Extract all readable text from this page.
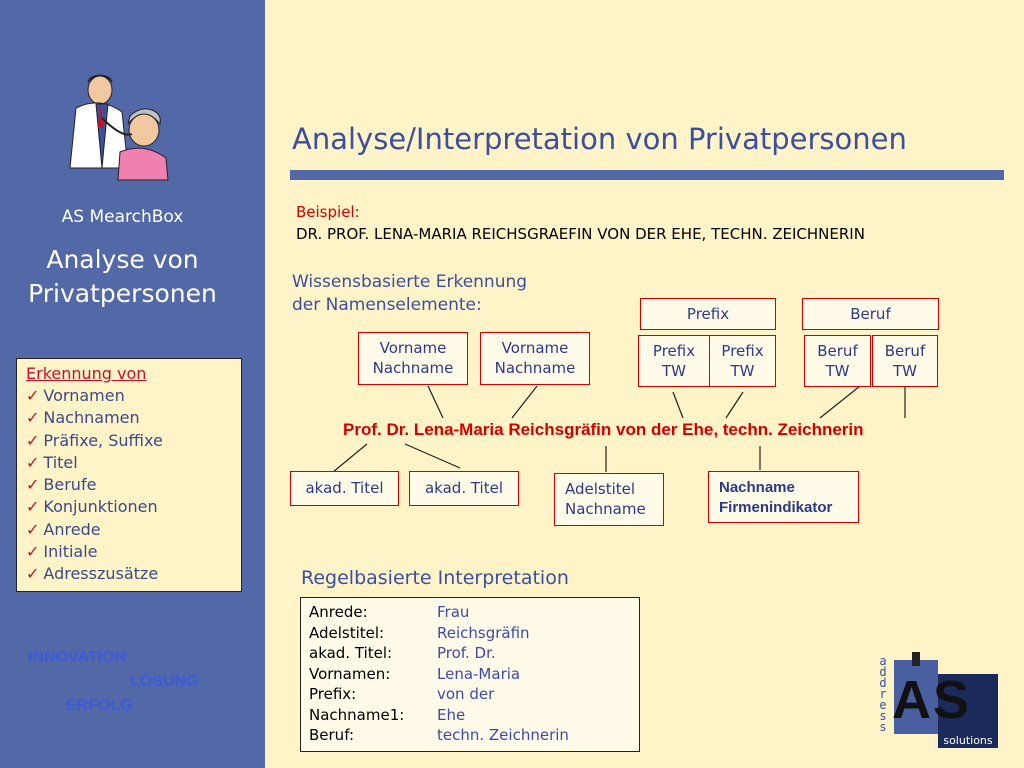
AS MearchBox
Analyse von
Privatpersonen
Erkennung von
✓ Vornamen
✓ Nachnamen
✓ Präfixe, Suffixe
✓ Titel
✓ Berufe
✓ Konjunktionen
✓ Anrede
✓ Initiale
✓ Adresszusätze
INNOVATION
LÖSUNG
ERFOLG
Analyse/Interpretation von Privatpersonen
Beispiel:
DR. PROF. LENA-MARIA REICHSGRAEFIN VON DER EHE, TECHN. ZEICHNERIN
Wissensbasierte Erkennung
der Namenselemente:	Prefix	Beruf
Vorname
Nachname
Vorname
Nachname
Prefix
TW
Prefix
TW
Beruf
TW
Beruf
TW
Prof. Dr. Lena-Maria Reichsgräfin von der Ehe, techn. Zeichnerin
akad. Titel	akad. Titel	Adelstitel
Nachname
Nachname
Firmenindikator
Regelbasierte Interpretation
Anrede:	Frau
Adelstitel:	Reichsgräfin
akad. Titel:	Prof. Dr.
Vornamen:	Lena-Maria
Prefix:	von der
Nachname1: Ehe
Beruf:	techn. Zeichnerin
address AS
solutions
